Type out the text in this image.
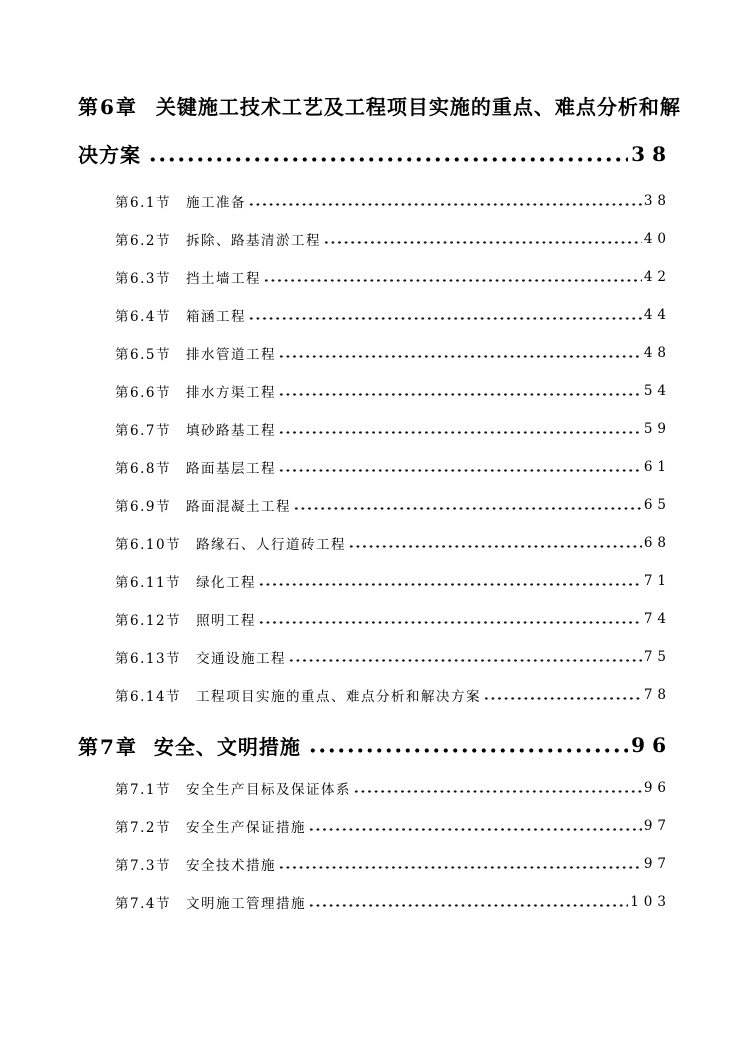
第6章 关键施工技术工艺及工程项目实施的重点、难点分析和解
决方案	38
第6.1节 施工准备	38
第6.2节 拆除、路基清淤工程	40
第6.3节 挡土墙工程	42
第6.4节 箱涵工程	44
第6.5节 排水管道工程	48
第6.6节 排水方渠工程	54
第6.7节 填砂路基工程	59
第6.8节 路面基层工程	61
第6.9节 路面混凝土工程	65
第6.10节 路缘石、人行道砖工程	68
第6.11节 绿化工程	71
第6.12节 照明工程	74
第6.13节 交通设施工程	75
第6.14节 工程项目实施的重点、难点分析和解决方案	78
第7章 安全、文明措施	96
第7.1节 安全生产目标及保证体系	96
第7.2节 安全生产保证措施	97
第7.3节 安全技术措施	97
第7.4节 文明施工管理措施	103
